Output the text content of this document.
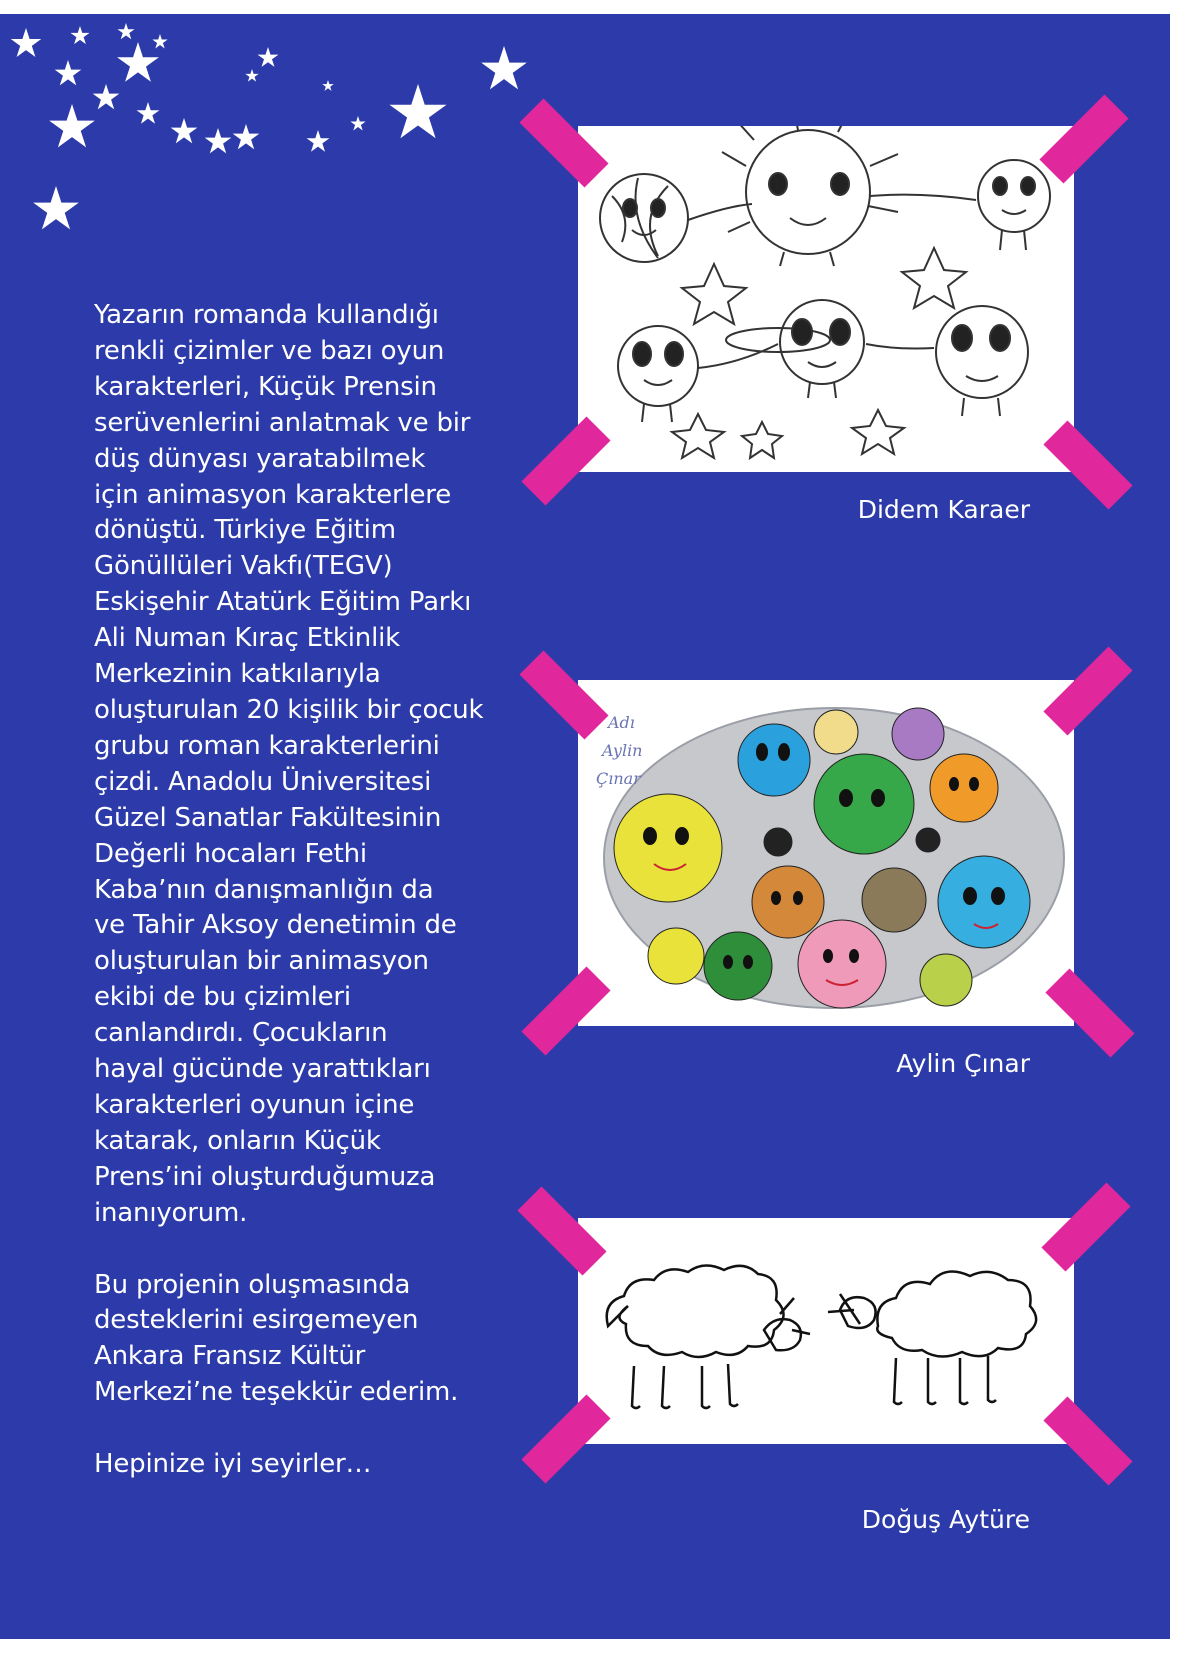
Yazarın romanda kullandığı
renkli çizimler ve bazı oyun
karakterleri, Küçük Prensin
serüvenlerini anlatmak ve bir
düş dünyası yaratabilmek
için animasyon karakterlere
dönüştü. Türkiye Eğitim
Gönüllüleri Vakfı(TEGV)
Eskişehir Atatürk Eğitim Parkı
Ali Numan Kıraç Etkinlik
Merkezinin katkılarıyla
oluşturulan 20 kişilik bir çocuk
grubu roman karakterlerini
çizdi. Anadolu Üniversitesi
Güzel Sanatlar Fakültesinin
Değerli hocaları Fethi
Kaba’nın danışmanlığın da
ve Tahir Aksoy denetimin de
oluşturulan bir animasyon
ekibi de bu çizimleri
canlandırdı. Çocukların
hayal gücünde yarattıkları
karakterleri oyunun içine
katarak, onların Küçük
Prens’ini oluşturduğumuza
inanıyorum.

Bu projenin oluşmasında
desteklerini esirgemeyen
Ankara Fransız Kültür
Merkezi’ne teşekkür ederim.

Hepinize iyi seyirler…

Didem Karaer
Adı
Aylin
Çınar
Aylin Çınar
Doğuş Aytüre
